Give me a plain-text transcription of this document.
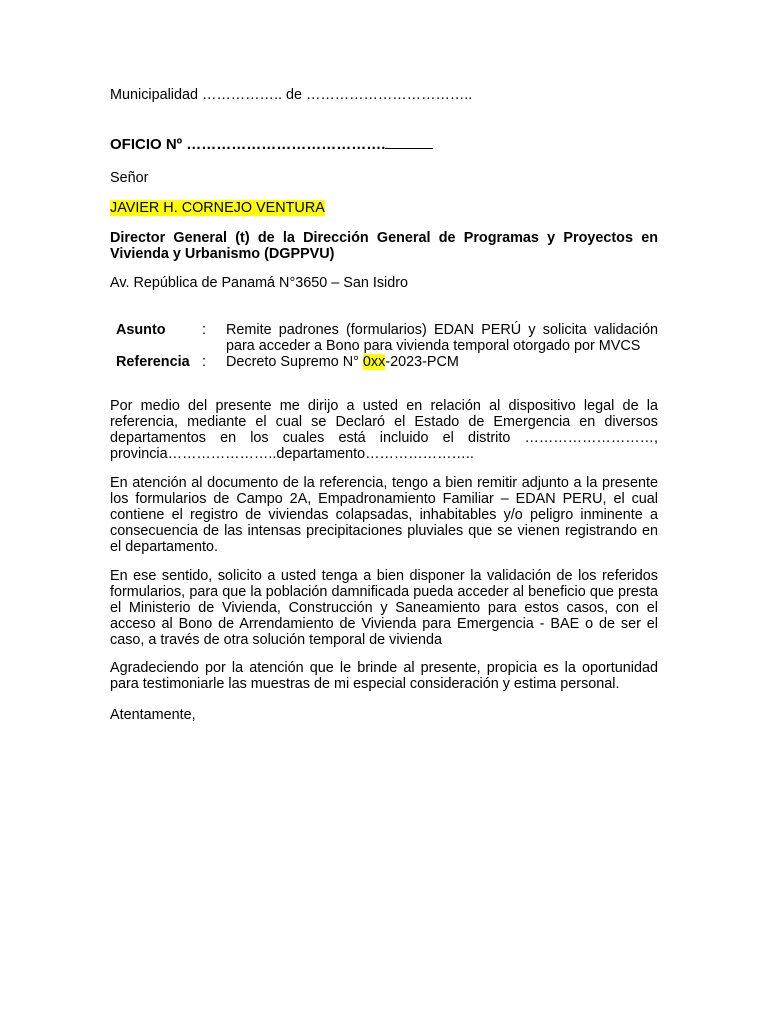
Municipalidad …………….. de ……………………………..
OFICIO Nº ………………………………….
Señor
JAVIER H. CORNEJO VENTURA
Director General (t) de la Dirección General de Programas y Proyectos en Vivienda y Urbanismo (DGPPVU)
Av. República de Panamá N°3650 – San Isidro
Asunto	:	Remite padrones (formularios) EDAN PERÚ y solicita validación para acceder a Bono para vivienda temporal otorgado por MVCS
Referencia :	Decreto Supremo N° 0xx-2023-PCM
Por medio del presente me dirijo a usted en relación al dispositivo legal de la referencia, mediante el cual se Declaró el Estado de Emergencia en diversos departamentos en los cuales está incluido el distrito ………………………, provincia…………………..departamento…………………..
En atención al documento de la referencia, tengo a bien remitir adjunto a la presente los formularios de Campo 2A, Empadronamiento Familiar – EDAN PERU, el cual contiene el registro de viviendas colapsadas, inhabitables y/o peligro inminente a consecuencia de las intensas precipitaciones pluviales que se vienen registrando en el departamento.
En ese sentido, solicito a usted tenga a bien disponer la validación de los referidos formularios, para que la población damnificada pueda acceder al beneficio que presta el Ministerio de Vivienda, Construcción y Saneamiento para estos casos, con el acceso al Bono de Arrendamiento de Vivienda para Emergencia - BAE o de ser el caso, a través de otra solución temporal de vivienda
Agradeciendo por la atención que le brinde al presente, propicia es la oportunidad para testimoniarle las muestras de mi especial consideración y estima personal.
Atentamente,
